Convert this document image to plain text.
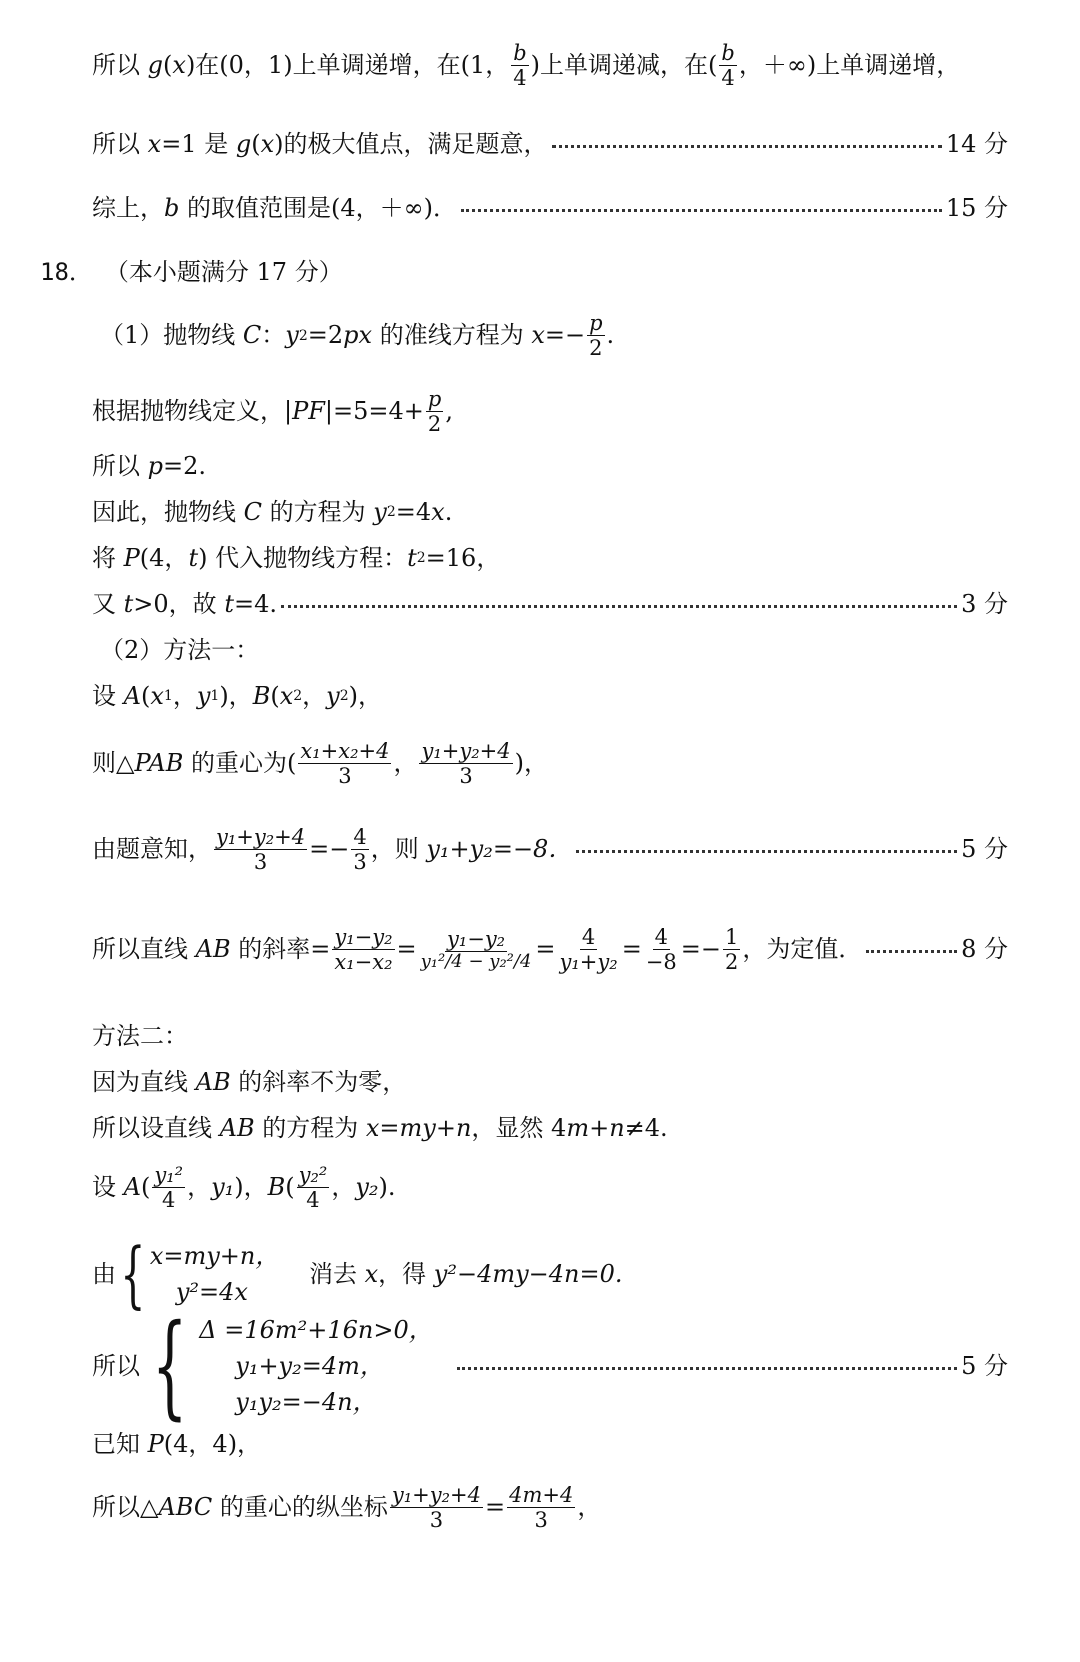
所以 g ( x )在(0，1)上单调递增，在(1， $\frac{b}{4}$ )上单调递减，在( $\frac{b}{4}$ ，＋∞)上单调递增，
所以 x =1 是 g ( x )的极大值点，满足题意，	14 分
综上， b 的取值范围是(4，＋∞)．	15 分
18． （本小题满分 17 分）
（1）抛物线 C ： y 2 =2 px 的准线方程为 $x =- \frac{p}{2}$ .
根据抛物线定义，| PF $|=5=4+ \frac{p}{2}$ ,
所以 p =2.
因此，抛物线 C 的方程为 y 2 =4 x .
将 P (4， t ) 代入抛物线方程： t 2 =16，
又 t >0，故 t =4.	3 分
（2）方法一：
设 A ( x 1 ， y 1 )， B ( x 2 ， y 2 )，
则△ PAB 的重心为( $\frac{\text{x₁+x₂+4}}{3}$ ， $\frac{\text{y₁+y₂+4}}{3}$ )，
由题意知， $\frac{\text{y₁+y₂+4}}{3} =- \frac{4}{3}$ ，则 y₁+y₂=−8．	5 分
所以直线 AB 的斜率= $\frac{\text{y₁−y₂}}{\text{x₁−x₂}} = \frac{\text{y₁−y₂}}{\text{y₁²/4 − y₂²/4}} = \frac{4}{\text{y₁+y₂}} = \frac{4}{-8} =- \frac{1}{2}$ ，为定值．	8 分
方法二：
因为直线 AB 的斜率不为零，
所以设直线 AB 的方程为 x=my+n ，显然 4 m + n ≠4.
设 A ( $\frac{\text{y₁²}}{4}$ ， y₁ )， B ( $\frac{\text{y₂²}}{4}$ ， y₂ ).
由 { x=my+n，
y²=4x
消去 x ，得 y²−4my−4n=0.
所以 { Δ =16m²+16n>0，
y₁+y₂=4m，
y₁y₂=−4n，
5 分
已知 P (4，4)，
所以△ ABC 的重心的纵坐标 $\frac{\text{y₁+y₂+4}}{3} = \frac{4m+4}{3}$ ，
